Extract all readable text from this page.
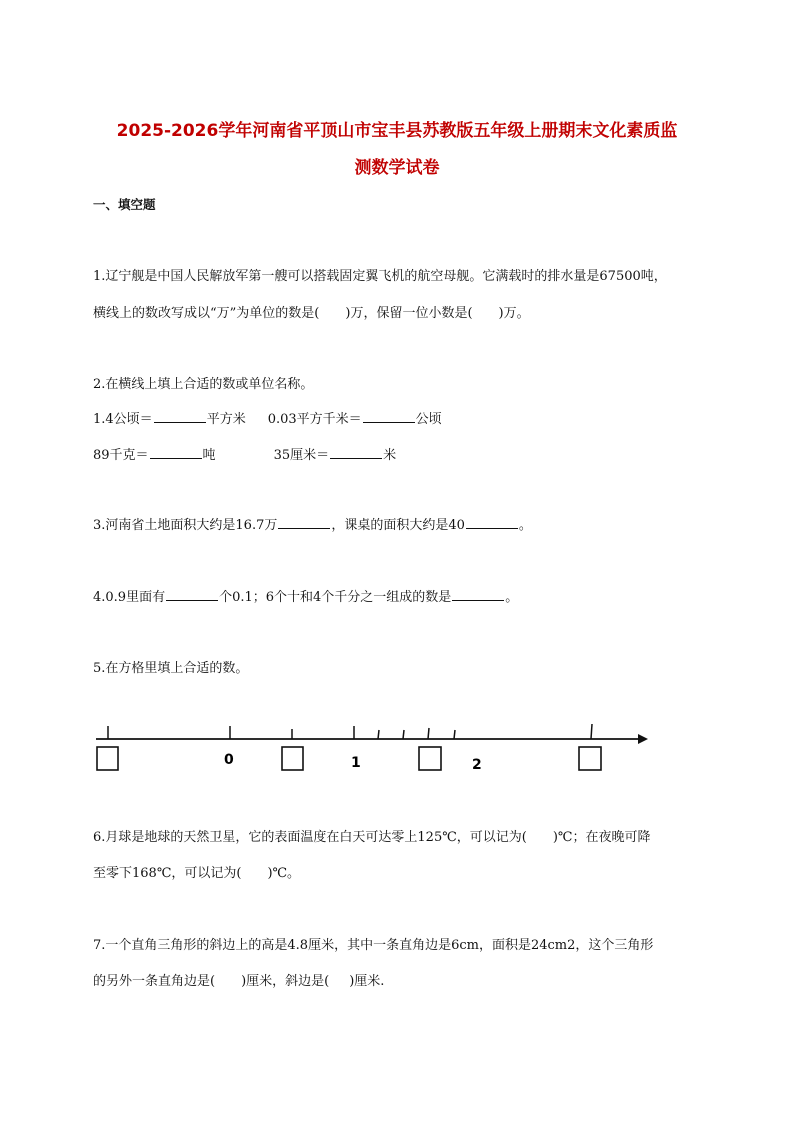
2025-2026学年河南省平顶山市宝丰县苏教版五年级上册期末文化素质监
测数学试卷
一、填空题
1.辽宁舰是中国人民解放军第一艘可以搭载固定翼飞机的航空母舰。它满载时的排水量是67500吨，
横线上的数改写成以“万”为单位的数是( )万，保留一位小数是( )万。
2.在横线上填上合适的数或单位名称。
1.4公顷＝	平方米 0.03平方千米＝	公顷
89千克＝	吨	35厘米＝	米
3.河南省土地面积大约是16.7万	，课桌的面积大约是40	。
4.0.9里面有	个0.1；6个十和4个千分之一组成的数是	。
5.在方格里填上合适的数。
0	1	2
6.月球是地球的天然卫星，它的表面温度在白天可达零上125℃，可以记为( )℃；在夜晚可降
至零下168℃，可以记为( )℃。
7.一个直角三角形的斜边上的高是4.8厘米，其中一条直角边是6cm，面积是24cm2，这个三角形
的另外一条直角边是( )厘米，斜边是( )厘米.
